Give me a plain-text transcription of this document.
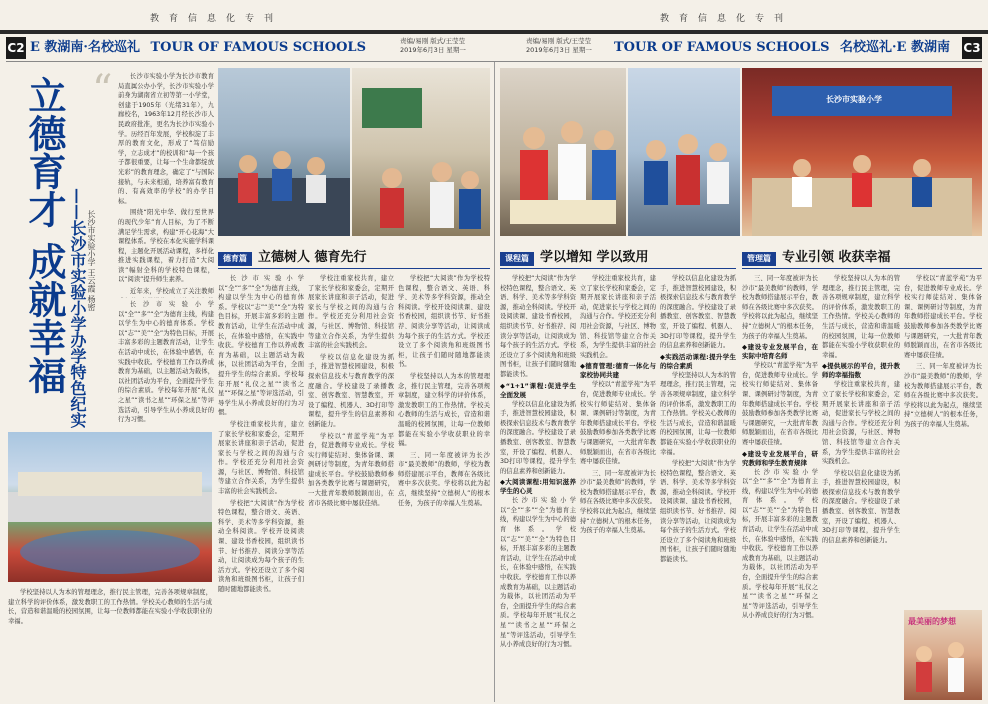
教育信息化专刊	教育信息化专刊
C2 E 教湖南·名校巡礼 TOUR OF FAMOUS SCHOOLS	责编/易刚 版式/王莹莹
2019年6月3日 星期一
责编/易刚 版式/王莹莹
2019年6月3日 星期一 TOUR OF FAMOUS SCHOOLS 名校巡礼·E 教湖南 C3
“
立德育才
成就幸福 ——长沙市实验小学办学特色纪实 长沙市实验小学 王云霞 杨密

长沙市实验小学为长沙市教育局直属公办小学，长沙市实验小学前身为湖南省立初等第一小学堂，创建于1905年（光绪31年），九廊校名，1963年12月经长沙市人民政府批准，更名为长沙市实验小学。历经百年发展，学校积淀了丰厚的教育文化，形成了“笃信励学，立志成才”的校训和“每一个孩子都很重要，让每一个生命都绽放光彩”的教育理念，确定了“与国际接轨，与未来相通，培养富有教育的、有高效率的学校”的办学目标。

围绕“阳光中华、做行至世界的现代少年”育人目标，为了不断满足学生需求，构建“开心花海”大课程体系。学校在本化实施学科课程，主题化开展活动课程，多样化推进实践课程，着力打造“大阅读”幅射全科的学校特色课程，以“阅读”提升师生素养。

近年来，学校成立了关注教师

德育篇 立德树人 德育先行

长沙市实验小学以“全”“多”“全”为德育主线，构建以学生为中心的德育体系。学校以“志”“美”“全”为特色目标，开展丰富多彩的主题教育活动，让学生在活动中成长，在体验中感悟，在实践中收获。学校德育工作以养成教育为基础，以主题活动为载体，以社团活动为平台，全面提升学生的综合素质。学校每年开展“礼仪之星”“读书之星”“环保之星”等评选活动，引导学生从小养成良好的行为习惯。

学校坚持以人为本的管理理念，推行民主管理，完善各项规章制度，建立科学的评价体系，激发教职工的工作热情。学校关心教师的生活与成长，营造和谐温暖的校园氛围，让每一位教师都能在实验小学收获职业的幸福。

长沙市实验小学以“全”“多”“全”为德育主线，构建以学生为中心的德育体系。学校以“志”“美”“全”为特色目标，开展丰富多彩的主题教育活动，让学生在活动中成长，在体验中感悟，在实践中收获。学校德育工作以养成教育为基础，以主题活动为载体，以社团活动为平台，全面提升学生的综合素质。学校每年开展“礼仪之星”“读书之星”“环保之星”等评选活动，引导学生从小养成良好的行为习惯。

学校注重家校共育，建立了家长学校和家委会，定期开展家长讲座和亲子活动，促进家长与学校之间的沟通与合作。学校还充分利用社会资源，与社区、博物馆、科技馆等建立合作关系，为学生提供丰富的社会实践机会。

学校把“大阅读”作为学校特色课程，整合语文、英语、科学、美术等多学科资源，推动全科阅读。学校开设阅读课、建设书香校园，组织读书节、好书推荐、阅读分享等活动，让阅读成为每个孩子的生活方式。学校还设立了多个阅读角和班级图书柜，让孩子们随时随地都能读书。

学校注重家校共育，建立了家长学校和家委会，定期开展家长讲座和亲子活动，促进家长与学校之间的沟通与合作。学校还充分利用社会资源，与社区、博物馆、科技馆等建立合作关系，为学生提供丰富的社会实践机会。

学校以信息化建设为抓手，推进智慧校园建设，积极探索信息技术与教育教学的深度融合。学校建设了录播教室、创客教室、智慧教室，开设了编程、机器人、3D打印等课程，提升学生的信息素养和创新能力。

学校以“青蓝学苑”为平台，促进教师专业成长。学校实行师徒结对、集体备课、课例研讨等制度，为青年教师搭建成长平台。学校鼓励教师参加各类教学比赛与课题研究，一大批青年教师脱颖而出，在省市各级比赛中屡获佳绩。

学校把“大阅读”作为学校特色课程，整合语文、英语、科学、美术等多学科资源，推动全科阅读。学校开设阅读课、建设书香校园，组织读书节、好书推荐、阅读分享等活动，让阅读成为每个孩子的生活方式。学校还设立了多个阅读角和班级图书柜，让孩子们随时随地都能读书。

学校坚持以人为本的管理理念，推行民主管理，完善各项规章制度，建立科学的评价体系，激发教职工的工作热情。学校关心教师的生活与成长，营造和谐温暖的校园氛围，让每一位教师都能在实验小学收获职业的幸福。

三、同一年度被评为长沙市“最美教师”的教师，学校为教师搭建展示平台，教师在各级比赛中多次获奖。学校将以此为起点，继续坚持“立德树人”的根本任务，为孩子的幸福人生奠基。

长沙市实验小学
课程篇 学以增知 学以致用	管理篇 专业引领 收获幸福

学校把“大阅读”作为学校特色课程，整合语文、英语、科学、美术等多学科资源，推动全科阅读。学校开设阅读课、建设书香校园，组织读书节、好书推荐、阅读分享等活动，让阅读成为每个孩子的生活方式。学校还设立了多个阅读角和班级图书柜，让孩子们随时随地都能读书。

◆“1+1”课程:促进学生全面发展

学校以信息化建设为抓手，推进智慧校园建设，积极探索信息技术与教育教学的深度融合。学校建设了录播教室、创客教室、智慧教室，开设了编程、机器人、3D打印等课程，提升学生的信息素养和创新能力。

◆大阅读课程:用知识滋养学生的心灵

长沙市实验小学以“全”“多”“全”为德育主线，构建以学生为中心的德育体系。学校以“志”“美”“全”为特色目标，开展丰富多彩的主题教育活动，让学生在活动中成长，在体验中感悟，在实践中收获。学校德育工作以养成教育为基础，以主题活动为载体，以社团活动为平台，全面提升学生的综合素质。学校每年开展“礼仪之星”“读书之星”“环保之星”等评选活动，引导学生从小养成良好的行为习惯。

学校注重家校共育，建立了家长学校和家委会，定期开展家长讲座和亲子活动，促进家长与学校之间的沟通与合作。学校还充分利用社会资源，与社区、博物馆、科技馆等建立合作关系，为学生提供丰富的社会实践机会。

◆德育管理:德育一体化与家校协同共建

学校以“青蓝学苑”为平台，促进教师专业成长。学校实行师徒结对、集体备课、课例研讨等制度，为青年教师搭建成长平台。学校鼓励教师参加各类教学比赛与课题研究，一大批青年教师脱颖而出，在省市各级比赛中屡获佳绩。

三、同一年度被评为长沙市“最美教师”的教师，学校为教师搭建展示平台，教师在各级比赛中多次获奖。学校将以此为起点，继续坚持“立德树人”的根本任务，为孩子的幸福人生奠基。

学校以信息化建设为抓手，推进智慧校园建设，积极探索信息技术与教育教学的深度融合。学校建设了录播教室、创客教室、智慧教室，开设了编程、机器人、3D打印等课程，提升学生的信息素养和创新能力。

◆实践活动课程:提升学生的综合素质

学校坚持以人为本的管理理念，推行民主管理，完善各项规章制度，建立科学的评价体系，激发教职工的工作热情。学校关心教师的生活与成长，营造和谐温暖的校园氛围，让每一位教师都能在实验小学收获职业的幸福。

学校把“大阅读”作为学校特色课程，整合语文、英语、科学、美术等多学科资源，推动全科阅读。学校开设阅读课、建设书香校园，组织读书节、好书推荐、阅读分享等活动，让阅读成为每个孩子的生活方式。学校还设立了多个阅读角和班级图书柜，让孩子们随时随地都能读书。

三、同一年度被评为长沙市“最美教师”的教师，学校为教师搭建展示平台，教师在各级比赛中多次获奖。学校将以此为起点，继续坚持“立德树人”的根本任务，为孩子的幸福人生奠基。

◆建设专业发展平台，在实际中培育名师

学校以“青蓝学苑”为平台，促进教师专业成长。学校实行师徒结对、集体备课、课例研讨等制度，为青年教师搭建成长平台。学校鼓励教师参加各类教学比赛与课题研究，一大批青年教师脱颖而出，在省市各级比赛中屡获佳绩。

◆建设专业发展平台，研究教师和学生教育规律

长沙市实验小学以“全”“多”“全”为德育主线，构建以学生为中心的德育体系。学校以“志”“美”“全”为特色目标，开展丰富多彩的主题教育活动，让学生在活动中成长，在体验中感悟，在实践中收获。学校德育工作以养成教育为基础，以主题活动为载体，以社团活动为平台，全面提升学生的综合素质。学校每年开展“礼仪之星”“读书之星”“环保之星”等评选活动，引导学生从小养成良好的行为习惯。

学校坚持以人为本的管理理念，推行民主管理，完善各项规章制度，建立科学的评价体系，激发教职工的工作热情。学校关心教师的生活与成长，营造和谐温暖的校园氛围，让每一位教师都能在实验小学收获职业的幸福。

◆提供展示的平台，提升教师的幸福指数

学校注重家校共育，建立了家长学校和家委会，定期开展家长讲座和亲子活动，促进家长与学校之间的沟通与合作。学校还充分利用社会资源，与社区、博物馆、科技馆等建立合作关系，为学生提供丰富的社会实践机会。

学校以信息化建设为抓手，推进智慧校园建设，积极探索信息技术与教育教学的深度融合。学校建设了录播教室、创客教室、智慧教室，开设了编程、机器人、3D打印等课程，提升学生的信息素养和创新能力。

学校以“青蓝学苑”为平台，促进教师专业成长。学校实行师徒结对、集体备课、课例研讨等制度，为青年教师搭建成长平台。学校鼓励教师参加各类教学比赛与课题研究，一大批青年教师脱颖而出，在省市各级比赛中屡获佳绩。

三、同一年度被评为长沙市“最美教师”的教师，学校为教师搭建展示平台，教师在各级比赛中多次获奖。学校将以此为起点，继续坚持“立德树人”的根本任务，为孩子的幸福人生奠基。

最美丽的梦想
